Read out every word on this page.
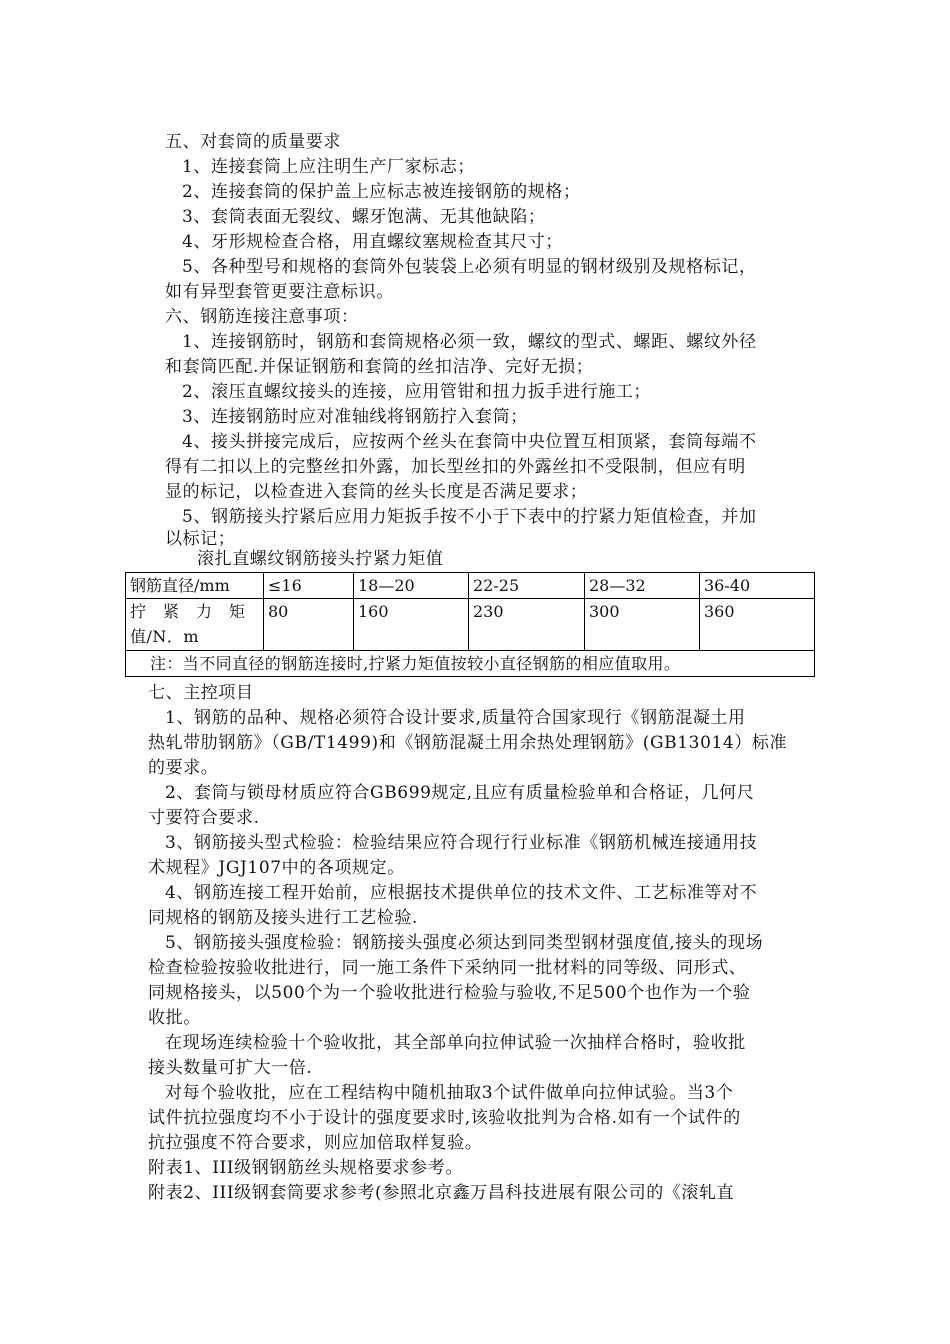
五、对套筒的质量要求
1、连接套筒上应注明生产厂家标志；
2、连接套筒的保护盖上应标志被连接钢筋的规格；
3、套筒表面无裂纹、螺牙饱满、无其他缺陷；
4、牙形规检查合格，用直螺纹塞规检查其尺寸；
5、各种型号和规格的套筒外包装袋上必须有明显的钢材级别及规格标记，
如有异型套管更要注意标识。
六、钢筋连接注意事项：
1、连接钢筋时，钢筋和套筒规格必须一致，螺纹的型式、螺距、螺纹外径
和套筒匹配.并保证钢筋和套筒的丝扣洁净、完好无损；
2、滚压直螺纹接头的连接，应用管钳和扭力扳手进行施工；
3、连接钢筋时应对准轴线将钢筋拧入套筒；
4、接头拼接完成后，应按两个丝头在套筒中央位置互相顶紧，套筒每端不
得有二扣以上的完整丝扣外露，加长型丝扣的外露丝扣不受限制，但应有明
显的标记，以检查进入套筒的丝头长度是否满足要求；
5、钢筋接头拧紧后应用力矩扳手按不小于下表中的拧紧力矩值检查，并加
以标记；
七、主控项目
1、钢筋的品种、规格必须符合设计要求,质量符合国家现行《钢筋混凝土用
热轧带肋钢筋》（GB/T1499)和《钢筋混凝土用余热处理钢筋》(GB13014）标准
的要求。
2、套筒与锁母材质应符合GB699规定,且应有质量检验单和合格证，几何尺
寸要符合要求.
3、钢筋接头型式检验：检验结果应符合现行行业标准《钢筋机械连接通用技
术规程》JGJ107中的各项规定。
4、钢筋连接工程开始前，应根据技术提供单位的技术文件、工艺标准等对不
同规格的钢筋及接头进行工艺检验.
5、钢筋接头强度检验：钢筋接头强度必须达到同类型钢材强度值,接头的现场
检查检验按验收批进行，同一施工条件下采纳同一批材料的同等级、同形式、
同规格接头，以500个为一个验收批进行检验与验收,不足500个也作为一个验
收批。
在现场连续检验十个验收批，其全部单向拉伸试验一次抽样合格时，验收批
接头数量可扩大一倍.
对每个验收批，应在工程结构中随机抽取3个试件做单向拉伸试验。当3个
试件抗拉强度均不小于设计的强度要求时,该验收批判为合格.如有一个试件的
抗拉强度不符合要求，则应加倍取样复验。
附表1、III级钢钢筋丝头规格要求参考。
附表2、III级钢套筒要求参考(参照北京鑫万昌科技进展有限公司的《滚轧直
滚扎直螺纹钢筋接头拧紧力矩值
钢筋直径/mm	≤16	18—20	22-25	28—32	36-40
拧　紧　力　矩值/N．m	80	160	230	300	360
注：当不同直径的钢筋连接时,拧紧力矩值按较小直径钢筋的相应值取用。					
